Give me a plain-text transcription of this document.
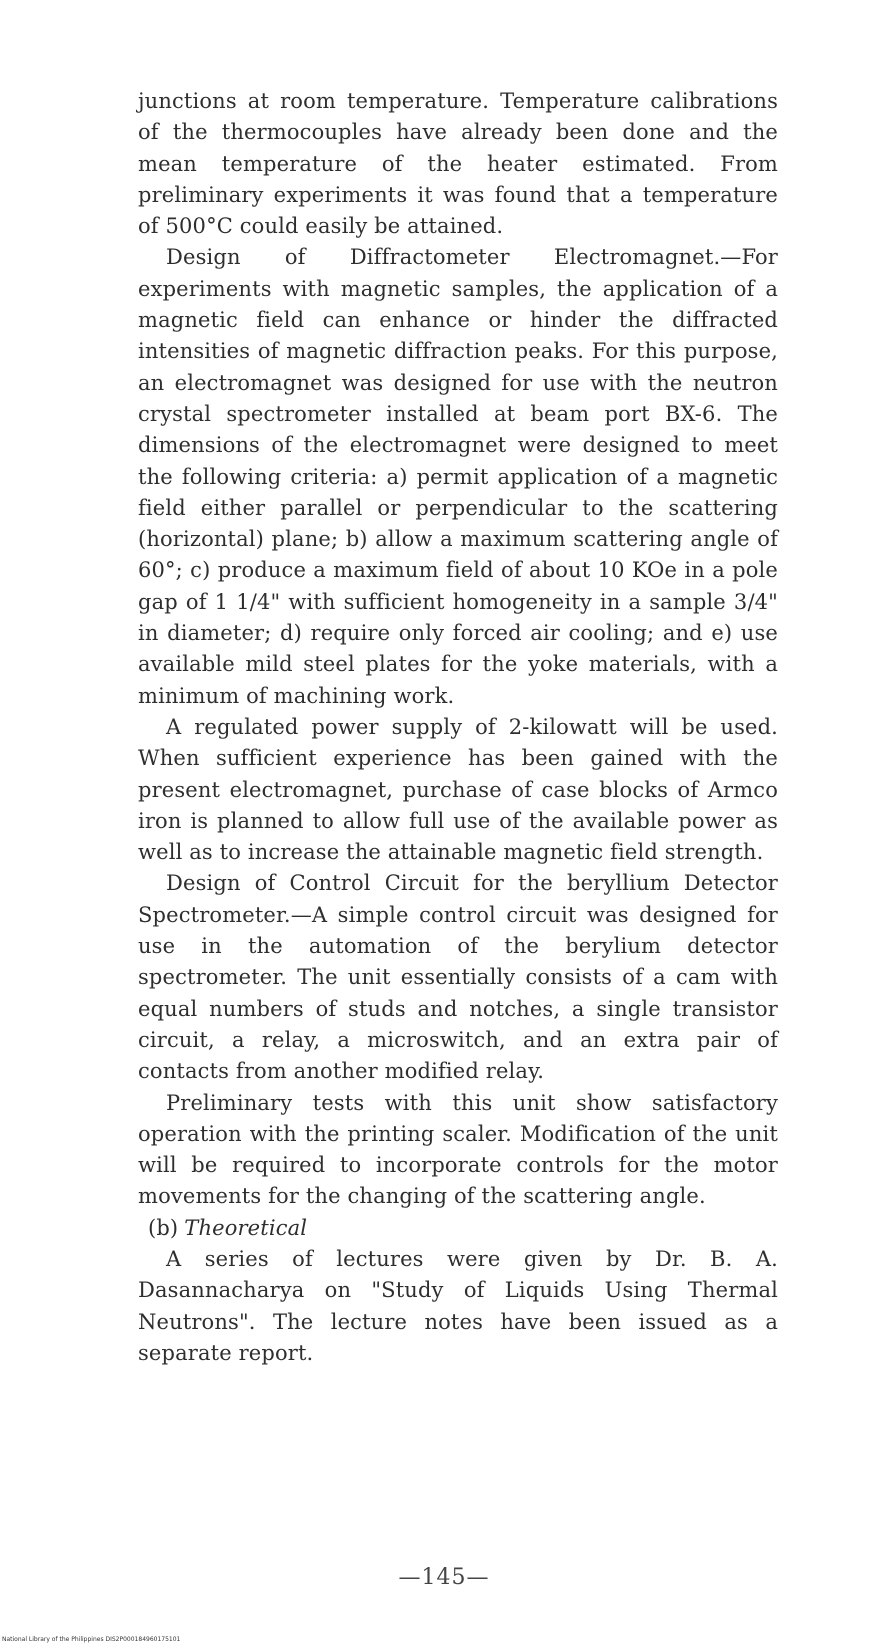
junctions at room temperature. Temperature calibrations of the thermocouples have already been done and the mean temperature of the heater estimated. From preliminary experiments it was found that a temperature of 500°C could easily be attained.

Design of Diffractometer Electromagnet.—For experiments with magnetic samples, the application of a magnetic field can enhance or hinder the diffracted intensities of magnetic diffraction peaks. For this purpose, an electromagnet was designed for use with the neutron crystal spectrometer installed at beam port BX-6. The dimensions of the electromagnet were designed to meet the following criteria: a) permit application of a magnetic field either parallel or perpendicular to the scattering (horizontal) plane; b) allow a maximum scattering angle of 60°; c) produce a maximum field of about 10 KOe in a pole gap of 1 1/4" with sufficient homogeneity in a sample 3/4" in diameter; d) require only forced air cooling; and e) use available mild steel plates for the yoke materials, with a minimum of machining work.

A regulated power supply of 2-kilowatt will be used. When sufficient experience has been gained with the present electromagnet, purchase of case blocks of Armco iron is planned to allow full use of the available power as well as to increase the attainable magnetic field strength.

Design of Control Circuit for the beryllium Detector Spectrometer.—A simple control circuit was designed for use in the automation of the berylium detector spectrometer. The unit essentially consists of a cam with equal numbers of studs and notches, a single transistor circuit, a relay, a microswitch, and an extra pair of contacts from another modified relay.

Preliminary tests with this unit show satisfactory operation with the printing scaler. Modification of the unit will be required to incorporate controls for the motor movements for the changing of the scattering angle.

(b) Theoretical

A series of lectures were given by Dr. B. A. Dasannacharya on "Study of Liquids Using Thermal Neutrons". The lecture notes have been issued as a separate report.

—145—
National Library of the Philippines DIS2P000184960175101
